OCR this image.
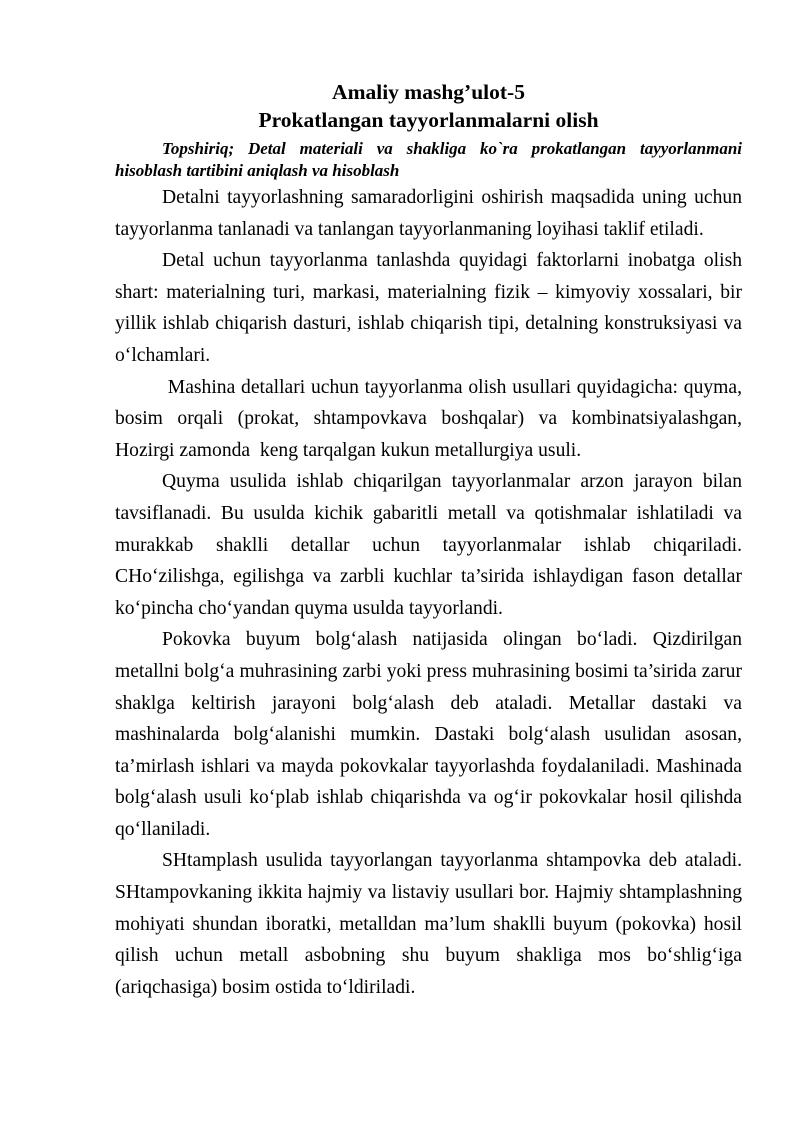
Amaliy mashg’ulot-5
Prokatlangan tayyorlanmalarni olish

Topshiriq; Detal materiali va shakliga ko`ra prokatlangan tayyorlanmani hisoblash tartibini aniqlash va hisoblash

Detalni tayyorlashning samaradorligini oshirish maqsadida uning uchun tayyorlanma tanlanadi va tanlangan tayyorlanmaning loyihasi taklif etiladi.

Detal uchun tayyorlanma tanlashda quyidagi faktorlarni inobatga olish shart: materialning turi, markasi, materialning fizik – kimyoviy xossalari, bir yillik ishlab chiqarish dasturi, ishlab chiqarish tipi, detalning konstruksiyasi va o‘lchamlari.

Mashina detallari uchun tayyorlanma olish usullari quyidagicha: quyma, bosim orqali (prokat, shtampovkava boshqalar) va kombinatsiyalashgan, Hozirgi zamonda  keng tarqalgan kukun metallurgiya usuli.

Quyma usulida ishlab chiqarilgan tayyorlanmalar arzon jarayon bilan tavsiflanadi. Bu usulda kichik gabaritli metall va qotishmalar ishlatiladi va murakkab shaklli detallar uchun tayyorlanmalar ishlab chiqariladi. CHo‘zilishga, egilishga va zarbli kuchlar ta’sirida ishlaydigan fason detallar ko‘pincha cho‘yandan quyma usulda tayyorlandi.

Pokovka buyum bolg‘alash natijasida olingan bo‘ladi. Qizdirilgan metallni bolg‘a muhrasining zarbi yoki press muhrasining bosimi ta’sirida zarur shaklga keltirish jarayoni bolg‘alash deb ataladi. Metallar dastaki va mashinalarda bolg‘alanishi mumkin. Dastaki bolg‘alash usulidan asosan, ta’mirlash ishlari va mayda pokovkalar tayyorlashda foydalaniladi. Mashinada bolg‘alash usuli ko‘plab ishlab chiqarishda va og‘ir pokovkalar hosil qilishda qo‘llaniladi.

SHtamplash usulida tayyorlangan tayyorlanma shtampovka deb ataladi. SHtampovkaning ikkita hajmiy va listaviy usullari bor. Hajmiy shtamplashning mohiyati shundan iboratki, metalldan ma’lum shaklli buyum (pokovka) hosil qilish uchun metall asbobning shu buyum shakliga mos bo‘shlig‘iga (ariqchasiga) bosim ostida to‘ldiriladi.
